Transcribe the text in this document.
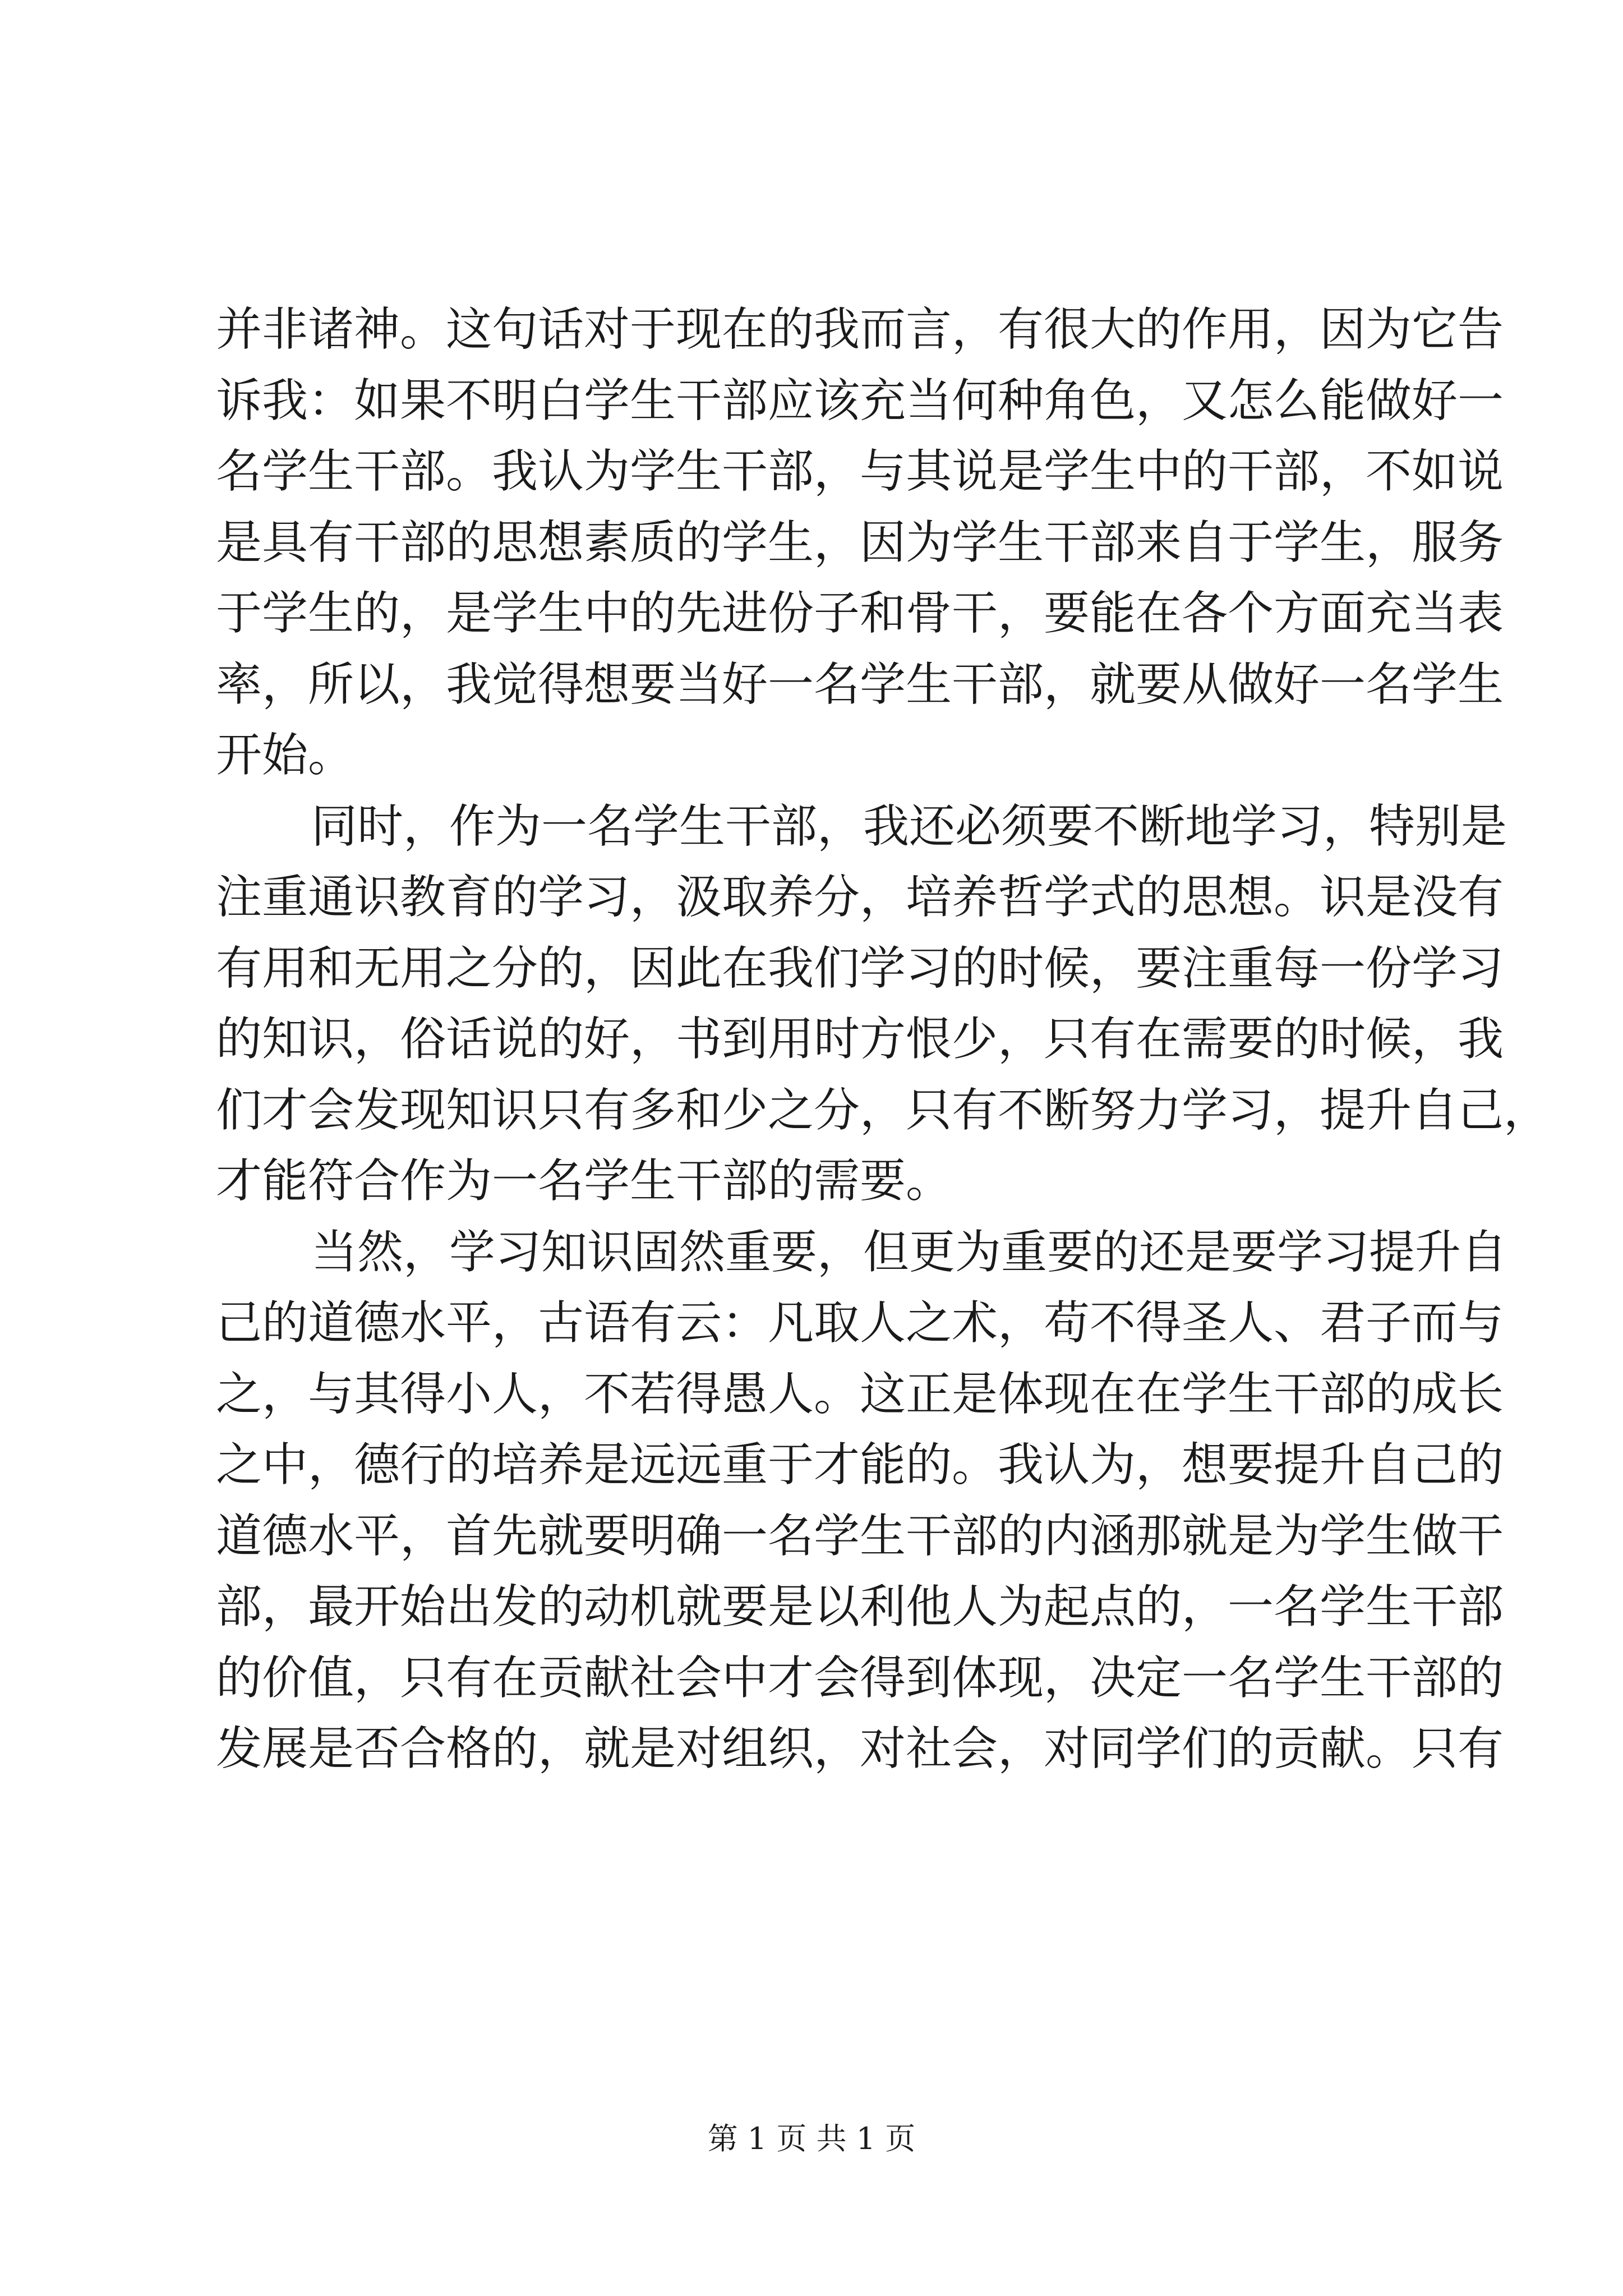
并非诸神。这句话对于现在的我而言，有很大的作用，因为它告
诉我：如果不明白学生干部应该充当何种角色，又怎么能做好一
名学生干部。我认为学生干部，与其说是学生中的干部，不如说
是具有干部的思想素质的学生，因为学生干部来自于学生，服务
于学生的，是学生中的先进份子和骨干，要能在各个方面充当表
率，所以，我觉得想要当好一名学生干部，就要从做好一名学生
开始。
同时，作为一名学生干部，我还必须要不断地学习，特别是
注重通识教育的学习，汲取养分，培养哲学式的思想。识是没有
有用和无用之分的，因此在我们学习的时候，要注重每一份学习
的知识，俗话说的好，书到用时方恨少，只有在需要的时候，我
们才会发现知识只有多和少之分，只有不断努力学习，提升自己，
才能符合作为一名学生干部的需要。
当然，学习知识固然重要，但更为重要的还是要学习提升自
己的道德水平，古语有云：凡取人之术，苟不得圣人、君子而与
之，与其得小人，不若得愚人。这正是体现在在学生干部的成长
之中，德行的培养是远远重于才能的。我认为，想要提升自己的
道德水平，首先就要明确一名学生干部的内涵那就是为学生做干
部，最开始出发的动机就要是以利他人为起点的，一名学生干部
的价值，只有在贡献社会中才会得到体现，决定一名学生干部的
发展是否合格的，就是对组织，对社会，对同学们的贡献。只有
第 1 页 共 1 页
